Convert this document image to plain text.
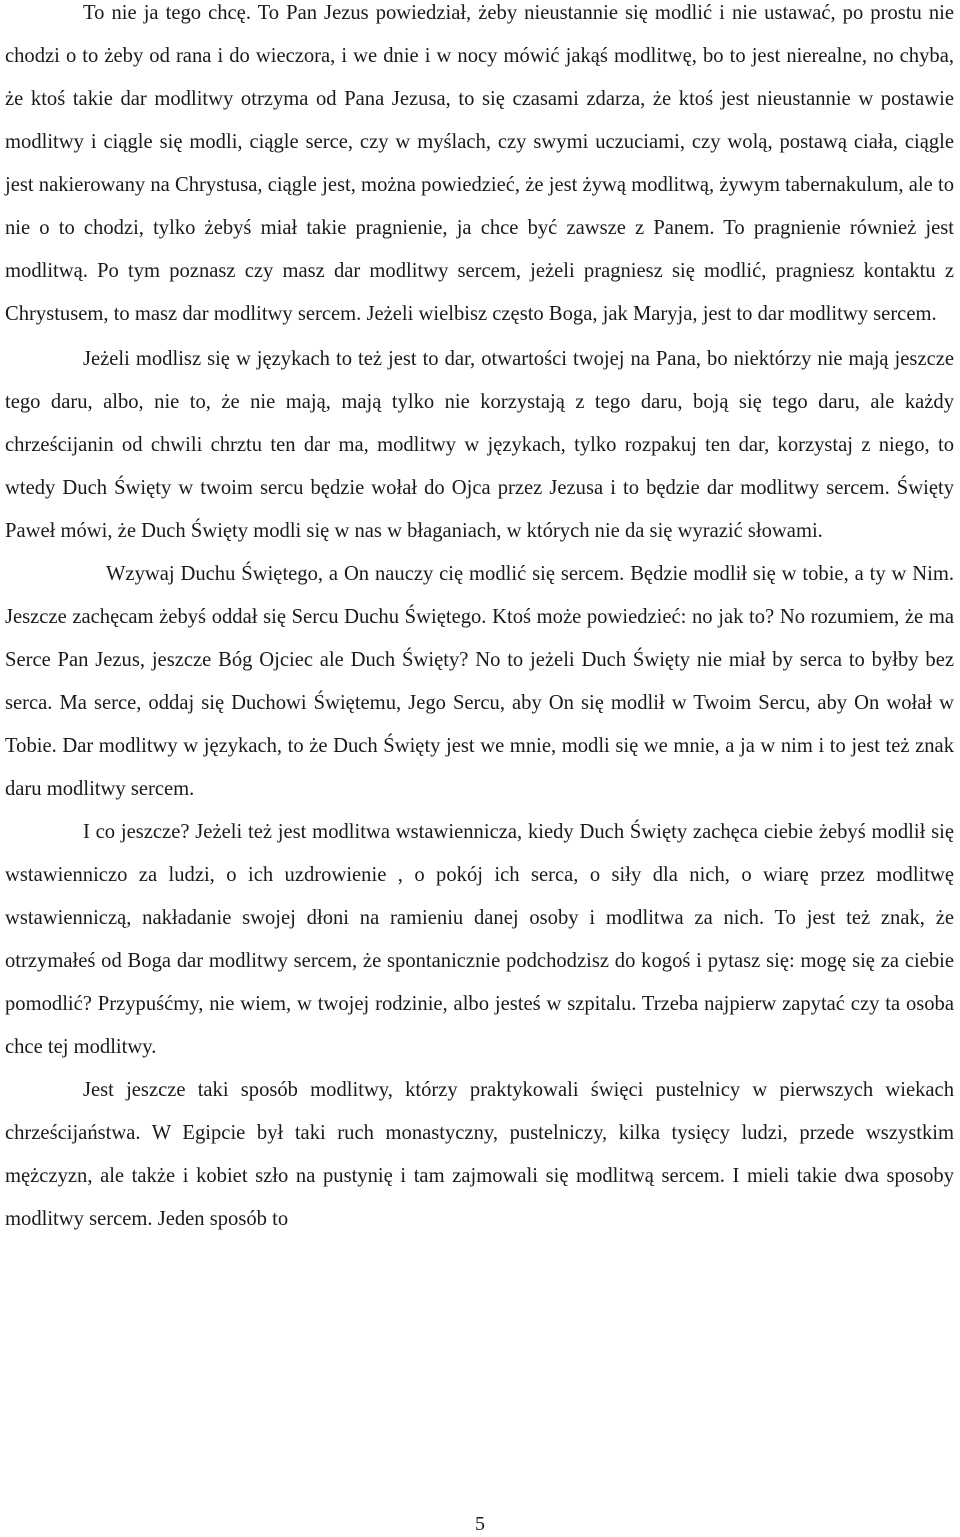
To nie ja tego chcę. To Pan Jezus powiedział, żeby nieustannie się modlić i nie ustawać, po prostu nie chodzi o to żeby od rana i do wieczora, i we dnie i w nocy mówić jakąś modlitwę, bo to jest nierealne, no chyba, że ktoś takie dar modlitwy otrzyma od Pana Jezusa, to się czasami zdarza, że ktoś jest nieustannie w postawie modlitwy i ciągle się modli, ciągle serce, czy w myślach, czy swymi uczuciami, czy wolą, postawą ciała, ciągle jest nakierowany na Chrystusa, ciągle jest, można powiedzieć, że jest żywą modlitwą, żywym tabernakulum, ale to nie o to chodzi, tylko żebyś miał takie pragnienie, ja chce być zawsze z Panem. To pragnienie również jest modlitwą. Po tym poznasz czy masz dar modlitwy sercem, jeżeli pragniesz się modlić, pragniesz kontaktu z Chrystusem, to masz dar modlitwy sercem. Jeżeli wielbisz często Boga, jak Maryja, jest to dar modlitwy sercem.

Jeżeli modlisz się w językach to też jest to dar, otwartości twojej na Pana, bo niektórzy nie mają jeszcze tego daru, albo, nie to, że nie mają, mają tylko nie korzystają z tego daru, boją się tego daru, ale każdy chrześcijanin od chwili chrztu ten dar ma, modlitwy w językach, tylko rozpakuj ten dar, korzystaj z niego, to wtedy Duch Święty w twoim sercu będzie wołał do Ojca przez Jezusa i to będzie dar modlitwy sercem. Święty Paweł mówi, że Duch Święty modli się w nas w błaganiach, w których nie da się wyrazić słowami.

Wzywaj Duchu Świętego, a On nauczy cię modlić się sercem. Będzie modlił się w tobie, a ty w Nim. Jeszcze zachęcam żebyś oddał się Sercu Duchu Świętego. Ktoś może powiedzieć: no jak to? No rozumiem, że ma Serce Pan Jezus, jeszcze Bóg Ojciec ale Duch Święty? No to jeżeli Duch Święty nie miał by serca to byłby bez serca. Ma serce, oddaj się Duchowi Świętemu, Jego Sercu, aby On się modlił w Twoim Sercu, aby On wołał w Tobie. Dar modlitwy w językach, to że Duch Święty jest we mnie, modli się we mnie, a ja w nim i to jest też znak daru modlitwy sercem.

I co jeszcze? Jeżeli też jest modlitwa wstawiennicza, kiedy Duch Święty zachęca ciebie żebyś modlił się wstawienniczo za ludzi, o ich uzdrowienie , o pokój ich serca, o siły dla nich, o wiarę przez modlitwę wstawienniczą, nakładanie swojej dłoni na ramieniu danej osoby i modlitwa za nich. To jest też znak, że otrzymałeś od Boga dar modlitwy sercem, że spontanicznie podchodzisz do kogoś i pytasz się: mogę się za ciebie pomodlić? Przypuśćmy, nie wiem, w twojej rodzinie, albo jesteś w szpitalu. Trzeba najpierw zapytać czy ta osoba chce tej modlitwy.

Jest jeszcze taki sposób modlitwy, którzy praktykowali święci pustelnicy w pierwszych wiekach chrześcijaństwa. W Egipcie był taki ruch monastyczny, pustelniczy, kilka tysięcy ludzi, przede wszystkim mężczyzn, ale także i kobiet szło na pustynię i tam zajmowali się modlitwą sercem. I mieli takie dwa sposoby modlitwy sercem. Jeden sposób to

5
